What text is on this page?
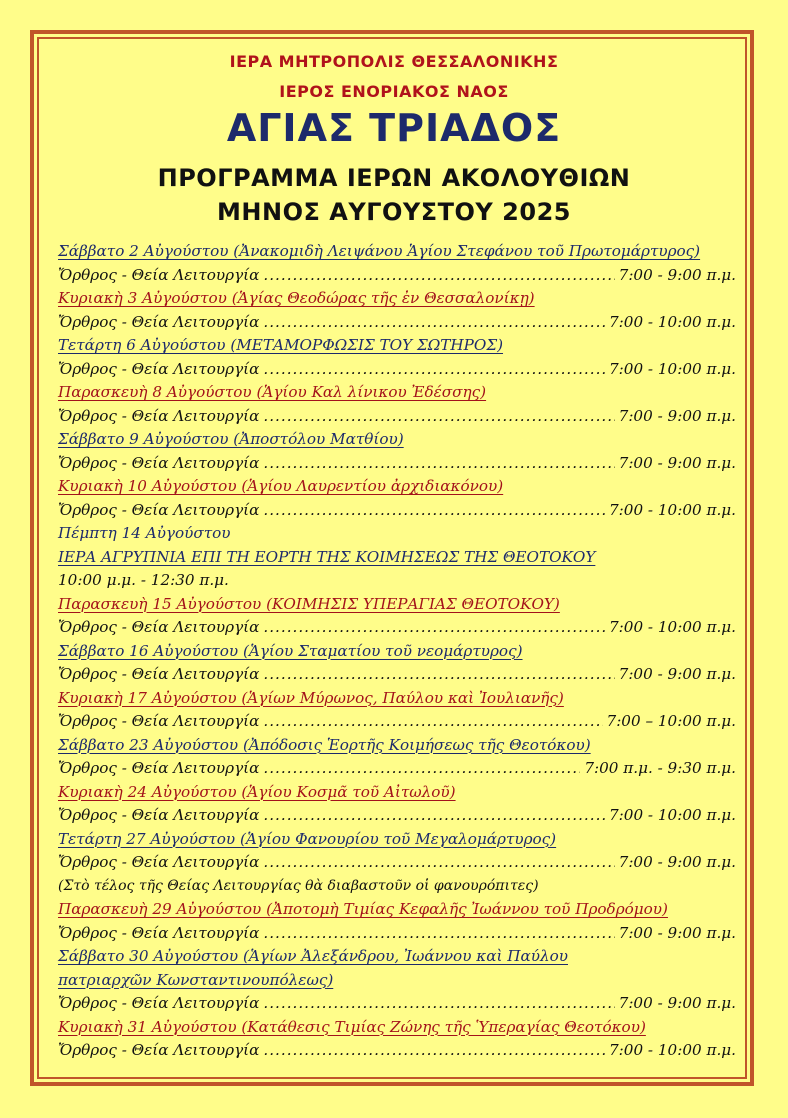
ΙΕΡΑ ΜΗΤΡΟΠΟΛΙΣ ΘΕΣΣΑΛΟΝΙΚΗΣ
ΙΕΡΟΣ ΕΝΟΡΙΑΚΟΣ ΝΑΟΣ
ΑΓΙΑΣ ΤΡΙΑΔΟΣ
ΠΡΟΓΡΑΜΜΑ ΙΕΡΩΝ ΑΚΟΛΟΥΘΙΩΝ
ΜΗΝΟΣ ΑΥΓΟΥΣΤΟΥ 2025
Σάββατο 2 Αὐγούστου (Ἀνακομιδὴ Λειψάνου Ἁγίου Στεφάνου τοῦ Πρωτομάρτυρος)
Ὄρθρος - Θεία Λειτουργία .....	7:00 - 9:00 π.μ.
Κυριακὴ 3 Αὐγούστου (Ἁγίας Θεοδώρας τῆς ἐν Θεσσαλονίκῃ)
Ὄρθρος - Θεία Λειτουργία .....	7:00 - 10:00 π.μ.
Τετάρτη 6 Αὐγούστου (ΜΕΤΑΜΟΡΦΩΣΙΣ ΤΟΥ ΣΩΤΗΡΟΣ)
Ὄρθρος - Θεία Λειτουργία .....	7:00 - 10:00 π.μ.
Παρασκευὴ 8 Αὐγούστου (Ἁγίου Καλ λίνικου Ἐδέσσης)
Ὄρθρος - Θεία Λειτουργία .....	7:00 - 9:00 π.μ.
Σάββατο 9 Αὐγούστου (Ἀποστόλου Ματθίου)
Ὄρθρος - Θεία Λειτουργία .....	7:00 - 9:00 π.μ.
Κυριακὴ 10 Αὐγούστου (Ἁγίου Λαυρεντίου ἀρχιδιακόνου)
Ὄρθρος - Θεία Λειτουργία .....	7:00 - 10:00 π.μ.
Πέμπτη 14 Αὐγούστου
ΙΕΡΑ ΑΓΡΥΠΝΙΑ ΕΠΙ ΤΗ ΕΟΡΤΗ ΤΗΣ ΚΟΙΜΗΣΕΩΣ ΤΗΣ ΘΕΟΤΟΚΟΥ
10:00 μ.μ. - 12:30 π.μ.
Παρασκευὴ 15 Αὐγούστου (ΚΟΙΜΗΣΙΣ ΥΠΕΡΑΓΙΑΣ ΘΕΟΤΟΚΟΥ)
Ὄρθρος - Θεία Λειτουργία .....	7:00 - 10:00 π.μ.
Σάββατο 16 Αὐγούστου (Ἁγίου Σταματίου τοῦ νεομάρτυρος)
Ὄρθρος - Θεία Λειτουργία .....	7:00 - 9:00 π.μ.
Κυριακὴ 17 Αὐγούστου (Ἁγίων Μύρωνος, Παύλου καὶ Ἰουλιανῆς)
Ὄρθρος - Θεία Λειτουργία .....	7:00 – 10:00 π.μ.
Σάββατο 23 Αὐγούστου (Ἀπόδοσις Ἑορτῆς Κοιμήσεως τῆς Θεοτόκου)
Ὄρθρος - Θεία Λειτουργία .....	7:00 π.μ. - 9:30 π.μ.
Κυριακὴ 24 Αὐγούστου (Ἁγίου Κοσμᾶ τοῦ Αἰτωλοῦ)
Ὄρθρος - Θεία Λειτουργία .....	7:00 - 10:00 π.μ.
Τετάρτη 27 Αὐγούστου (Ἁγίου Φανουρίου τοῦ Μεγαλομάρτυρος)
Ὄρθρος - Θεία Λειτουργία .....	7:00 - 9:00 π.μ.
(Στὸ τέλος τῆς Θείας Λειτουργίας θὰ διαβαστοῦν οἱ φανουρόπιτες)
Παρασκευὴ 29 Αὐγούστου (Ἀποτομὴ Τιμίας Κεφαλῆς Ἰωάννου τοῦ Προδρόμου)
Ὄρθρος - Θεία Λειτουργία .....	7:00 - 9:00 π.μ.
Σάββατο 30 Αὐγούστου (Ἁγίων Ἀλεξάνδρου, Ἰωάννου καὶ Παύλου
πατριαρχῶν Κωνσταντινουπόλεως)
Ὄρθρος - Θεία Λειτουργία .....	7:00 - 9:00 π.μ.
Κυριακὴ 31 Αὐγούστου (Κατάθεσις Τιμίας Ζώνης τῆς Ὑπεραγίας Θεοτόκου)
Ὄρθρος - Θεία Λειτουργία .....	7:00 - 10:00 π.μ.
